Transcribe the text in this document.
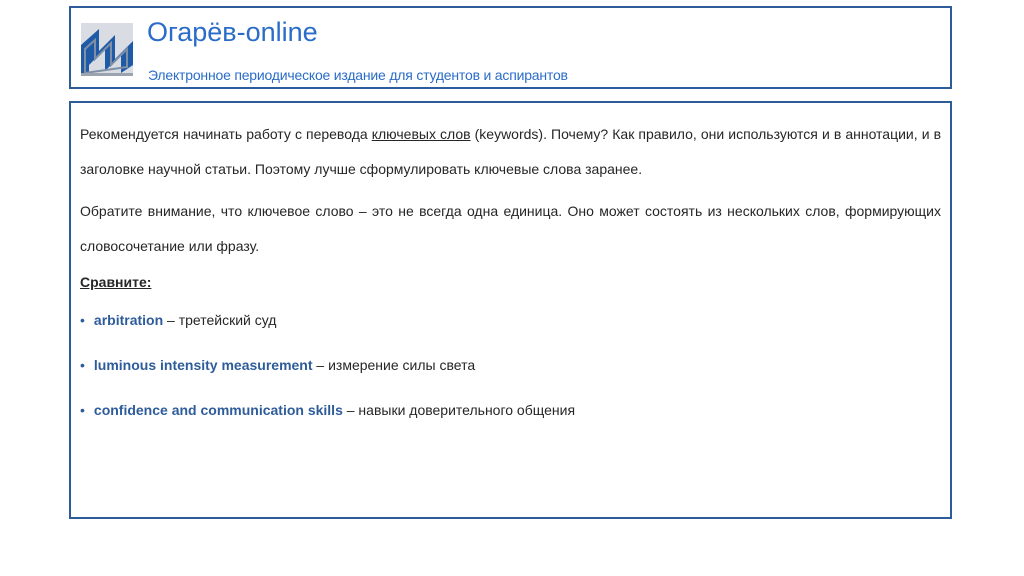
Огарёв-online
Электронное периодическое издание для студентов и аспирантов

Рекомендуется начинать работу с перевода ключевых слов (keywords). Почему? Как правило, они используются и в аннотации, и в заголовке научной статьи. Поэтому лучше сформулировать ключевые слова заранее.

Обратите внимание, что ключевое слово – это не всегда одна единица. Оно может состоять из нескольких слов, формирующих словосочетание или фразу.

Сравните:
• arbitration – третейский суд
• luminous intensity measurement – измерение силы света
• confidence and communication skills – навыки доверительного общения
